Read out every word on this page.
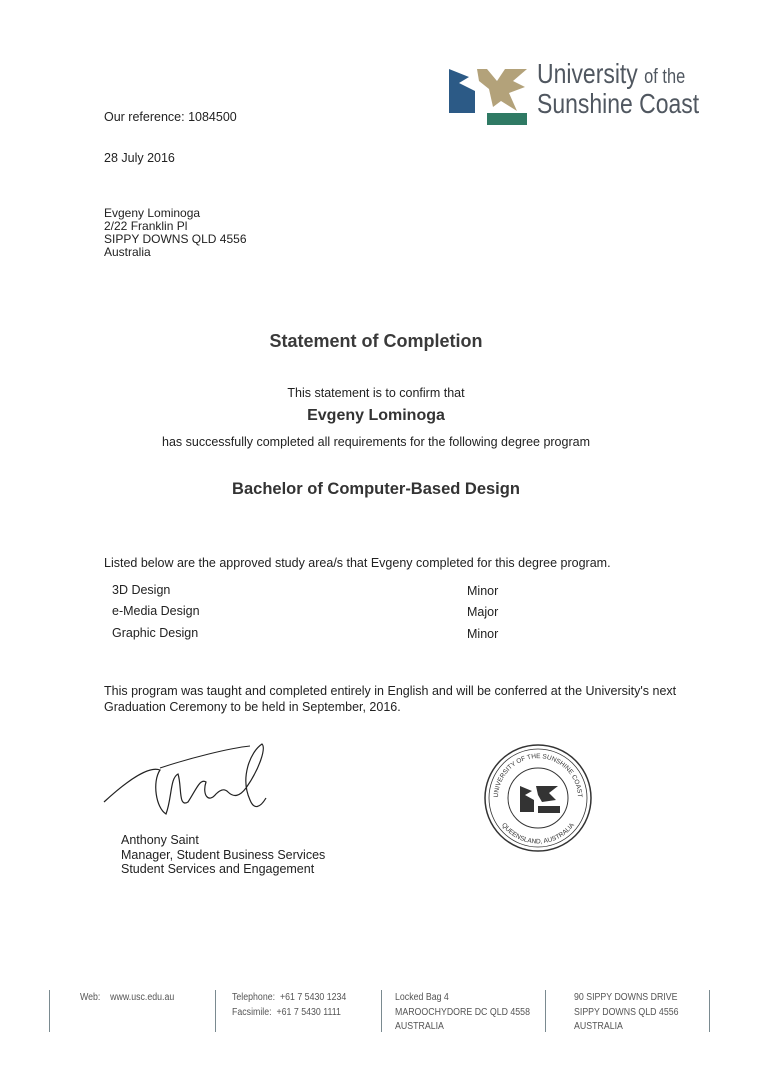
University of the
Sunshine Coast
Our reference: 1084500
28 July 2016
Evgeny Lominoga
2/22 Franklin Pl
SIPPY DOWNS QLD 4556
Australia
Statement of Completion
This statement is to confirm that
Evgeny Lominoga
has successfully completed all requirements for the following degree program
Bachelor of Computer-Based Design
Listed below are the approved study area/s that Evgeny completed for this degree program.
3D Design	Minor
e-Media Design	Major
Graphic Design	Minor
This program was taught and completed entirely in English and will be conferred at the University's next
Graduation Ceremony to be held in September, 2016.
Anthony Saint
Manager, Student Business Services
Student Services and Engagement
UNIVERSITY OF THE SUNSHINE COAST
QUEENSLAND, AUSTRALIA
Web: www.usc.edu.au	Telephone: +61 7 5430 1234
Facsimile: +61 7 5430 1111
Locked Bag 4
MAROOCHYDORE DC QLD 4558
AUSTRALIA
90 SIPPY DOWNS DRIVE
SIPPY DOWNS QLD 4556
AUSTRALIA
